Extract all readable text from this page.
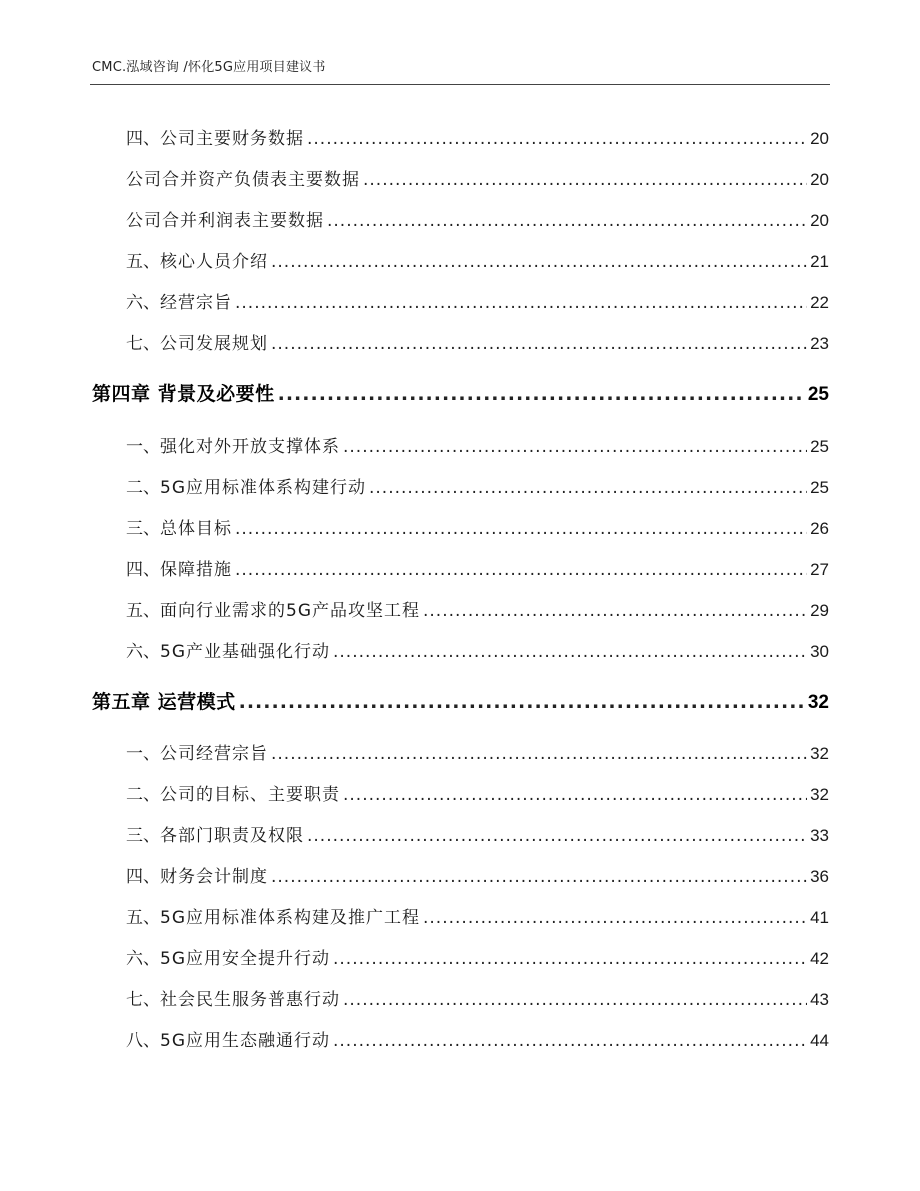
CMC.泓域咨询 /怀化5G应用项目建议书
四、 公司主要财务数据 .....	20
公司合并资产负债表主要数据 .....	20
公司合并利润表主要数据 .....	20
五、 核心人员介绍 .....	21
六、 经营宗旨 .....	22
七、 公司发展规划 .....	23
第四章 背景及必要性 .....	25
一、 强化对外开放支撑体系 .....	25
二、 5G应用标准体系构建行动 .....	25
三、 总体目标 .....	26
四、 保障措施 .....	27
五、 面向行业需求的5G产品攻坚工程 .....	29
六、 5G产业基础强化行动 .....	30
第五章 运营模式 .....	32
一、 公司经营宗旨 .....	32
二、 公司的目标、主要职责 .....	32
三、 各部门职责及权限 .....	33
四、 财务会计制度 .....	36
五、 5G应用标准体系构建及推广工程 .....	41
六、 5G应用安全提升行动 .....	42
七、 社会民生服务普惠行动 .....	43
八、 5G应用生态融通行动 .....	44
